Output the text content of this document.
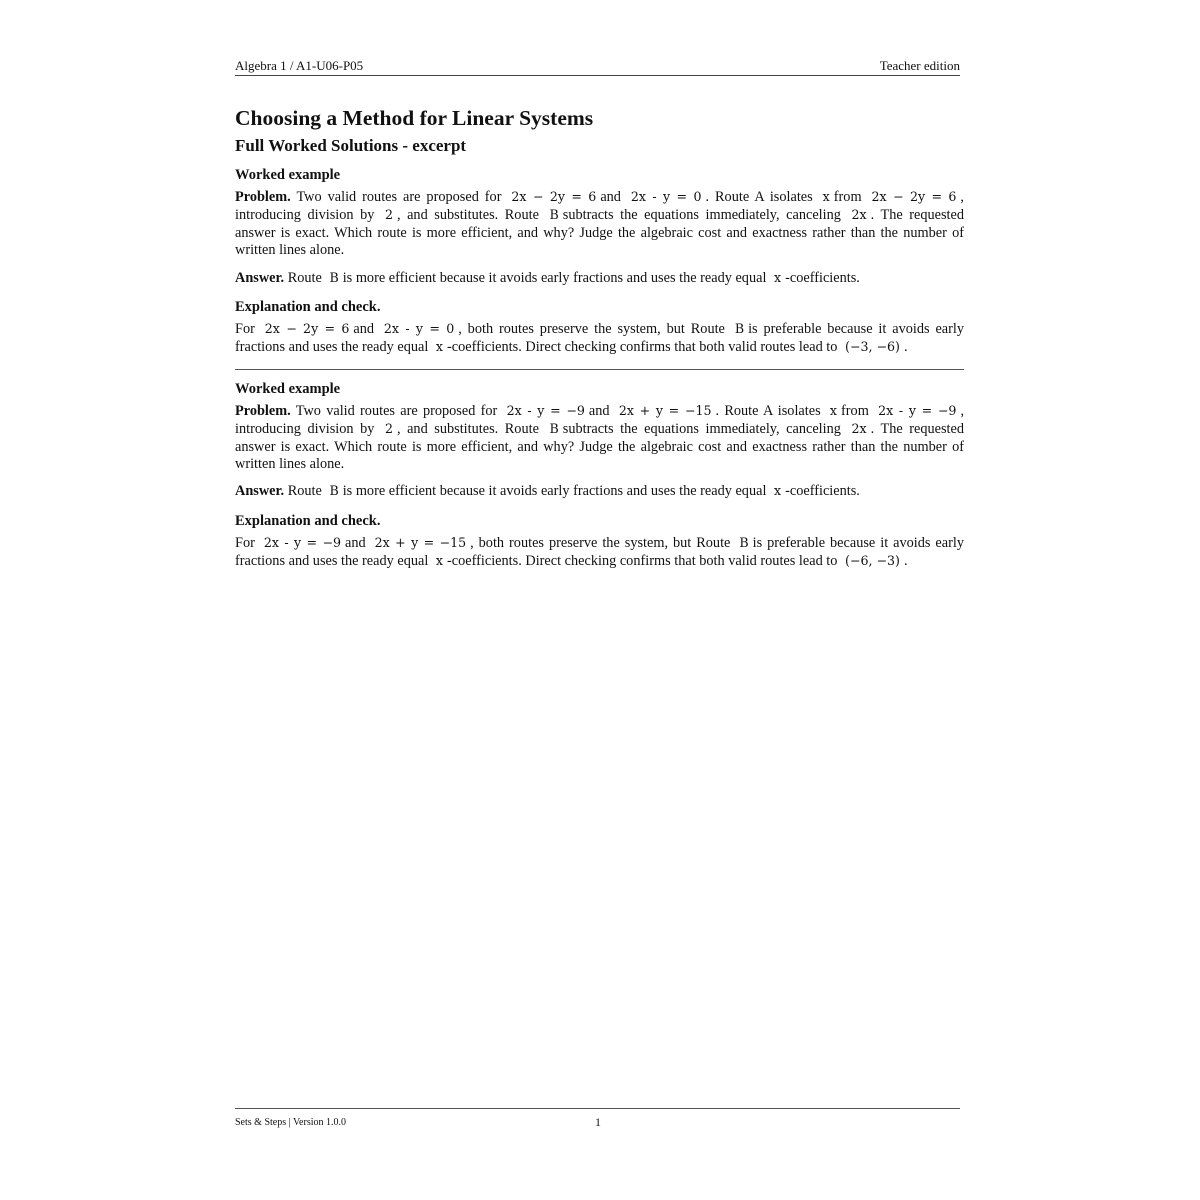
Algebra 1 / A1-U06-P05	Teacher edition
Choosing a Method for Linear Systems
Full Worked Solutions - excerpt
Worked example

Problem. Two valid routes are proposed for 2x − 2y = 6 and 2x - y = 0 . Route A isolates x from 2x − 2y = 6 , introducing division by 2 , and substitutes. Route B subtracts the equations immediately, canceling 2x . The requested answer is exact. Which route is more efficient, and why? Judge the algebraic cost and exactness rather than the number of written lines alone.

Answer. Route B is more efficient because it avoids early fractions and uses the ready equal x -coefficients.

Explanation and check.

For 2x − 2y = 6 and 2x - y = 0 , both routes preserve the system, but Route B is preferable because it avoids early fractions and uses the ready equal x -coefficients. Direct checking confirms that both valid routes lead to (−3, −6) .

Worked example

Problem. Two valid routes are proposed for 2x - y = −9 and 2x + y = −15 . Route A isolates x from 2x - y = −9 , introducing division by 2 , and substitutes. Route B subtracts the equations immediately, canceling 2x . The requested answer is exact. Which route is more efficient, and why? Judge the algebraic cost and exactness rather than the number of written lines alone.

Answer. Route B is more efficient because it avoids early fractions and uses the ready equal x -coefficients.

Explanation and check.

For 2x - y = −9 and 2x + y = −15 , both routes preserve the system, but Route B is preferable because it avoids early fractions and uses the ready equal x -coefficients. Direct checking confirms that both valid routes lead to (−6, −3) .

Sets & Steps | Version 1.0.0	1
